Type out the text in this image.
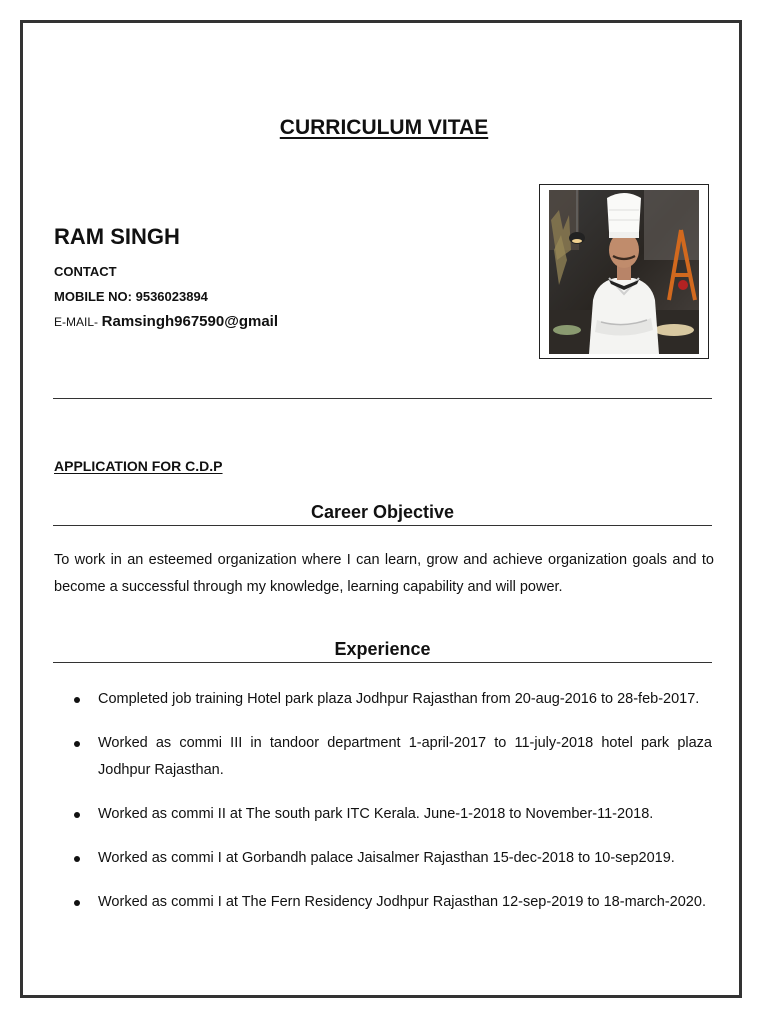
CURRICULUM VITAE
RAM SINGH
CONTACT
MOBILE NO: 9536023894
E-MAIL- Ramsingh967590@gmail
APPLICATION FOR C.D.P
Career Objective

To work in an esteemed organization where I can learn, grow and achieve organization goals and to become a successful through my knowledge, learning capability and will power.

Experience
Completed job training Hotel park plaza Jodhpur Rajasthan from 20-aug-2016 to 28-feb-2017.
Worked as commi III in tandoor department 1-april-2017 to 11-july-2018 hotel park plaza Jodhpur Rajasthan.
Worked as commi II at The south park ITC Kerala. June-1-2018 to November-11-2018.
Worked as commi I at Gorbandh palace Jaisalmer Rajasthan 15-dec-2018 to 10-sep2019.
Worked as commi I at The Fern Residency Jodhpur Rajasthan 12-sep-2019 to 18-march-2020.
